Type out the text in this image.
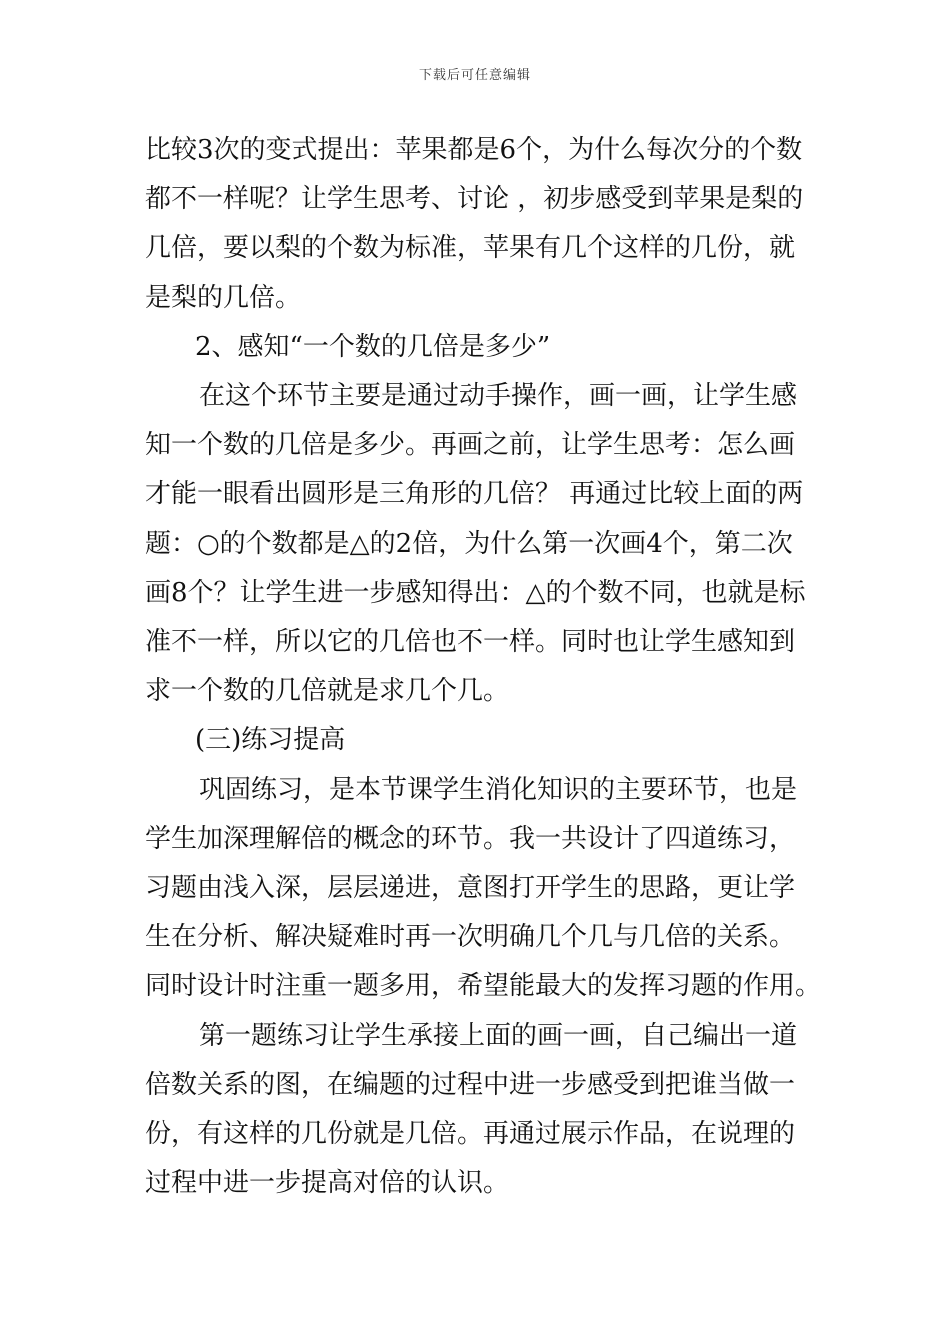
下载后可任意编辑

比较3次的变式提出：苹果都是6个，为什么每次分的个数

都不一样呢？让学生思考、讨论 ，初步感受到苹果是梨的

几倍，要以梨的个数为标准，苹果有几个这样的几份，就

是梨的几倍。

2、感知“一个数的几倍是多少”

在这个环节主要是通过动手操作，画一画，让学生感

知一个数的几倍是多少。再画之前，让学生思考：怎么画

才能一眼看出圆形是三角形的几倍？ 再通过比较上面的两

题：○的个数都是△的2倍，为什么第一次画4个，第二次

画8个？让学生进一步感知得出：△的个数不同，也就是标

准不一样，所以它的几倍也不一样。同时也让学生感知到

求一个数的几倍就是求几个几。

(三)练习提高

巩固练习，是本节课学生消化知识的主要环节，也是

学生加深理解倍的概念的环节。我一共设计了四道练习，

习题由浅入深，层层递进，意图打开学生的思路，更让学

生在分析、解决疑难时再一次明确几个几与几倍的关系。

同时设计时注重一题多用，希望能最大的发挥习题的作用。

第一题练习让学生承接上面的画一画，自己编出一道

倍数关系的图，在编题的过程中进一步感受到把谁当做一

份，有这样的几份就是几倍。再通过展示作品，在说理的

过程中进一步提高对倍的认识。
